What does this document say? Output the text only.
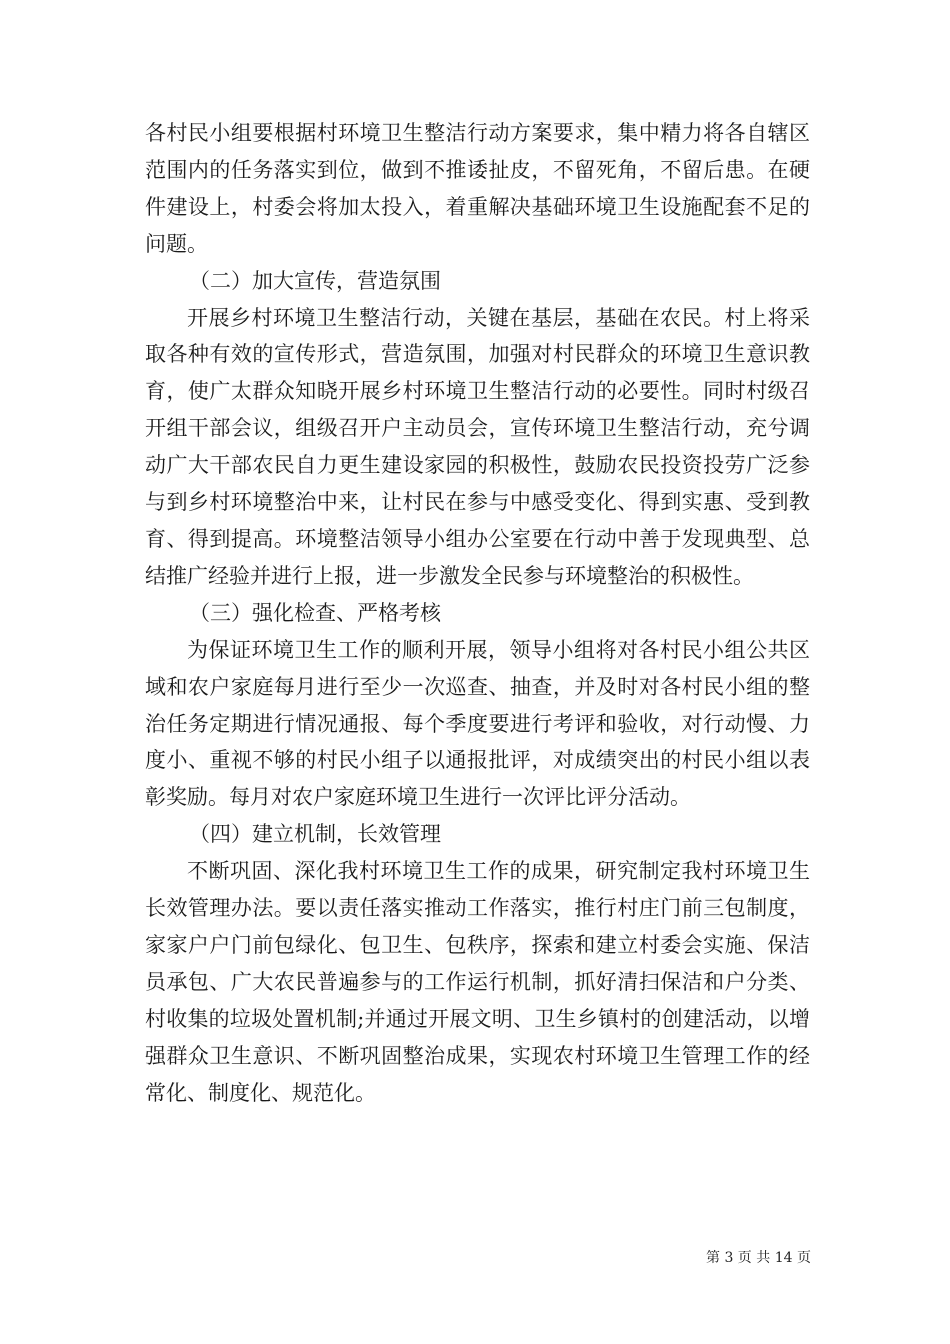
各村民小组要根据村环境卫生整洁行动方案要求，集中精力将各自辖区范围内的任务落实到位，做到不推诿扯皮，不留死角，不留后患。在硬件建设上，村委会将加太投入，着重解决基础环境卫生设施配套不足的问题。

（二）加大宣传，营造氛围

开展乡村环境卫生整洁行动，关键在基层，基础在农民。村上将采取各种有效的宣传形式，营造氛围，加强对村民群众的环境卫生意识教育，使广太群众知晓开展乡村环境卫生整洁行动的必要性。同时村级召开组干部会议，组级召开户主动员会，宣传环境卫生整洁行动，充兮调动广大干部农民自力更生建设家园的积极性，鼓励农民投资投劳广泛参与到乡村环境整治中来，让村民在参与中感受变化、得到实惠、受到教育、得到提高。环境整洁领导小组办公室要在行动中善于发现典型、总结推广经验并进行上报，进一步激发全民参与环境整治的积极性。

（三）强化检查、严格考核

为保证环境卫生工作的顺利开展，领导小组将对各村民小组公共区域和农户家庭每月进行至少一次巡查、抽查，并及时对各村民小组的整治任务定期进行情况通报、每个季度要进行考评和验收，对行动慢、力度小、重视不够的村民小组子以通报批评，对成绩突出的村民小组以表彰奖励。每月对农户家庭环境卫生进行一次评比评分活动。

（四）建立机制，长效管理

不断巩固、深化我村环境卫生工作的成果，研究制定我村环境卫生长效管理办法。要以责任落实推动工作落实，推行村庄门前三包制度，家家户户门前包绿化、包卫生、包秩序，探索和建立村委会实施、保洁员承包、广大农民普遍参与的工作运行机制，抓好清扫保洁和户分类、村收集的垃圾处置机制;并通过开展文明、卫生乡镇村的创建活动，以增强群众卫生意识、不断巩固整治成果，实现农村环境卫生管理工作的经常化、制度化、规范化。

第 3 页 共 14 页
